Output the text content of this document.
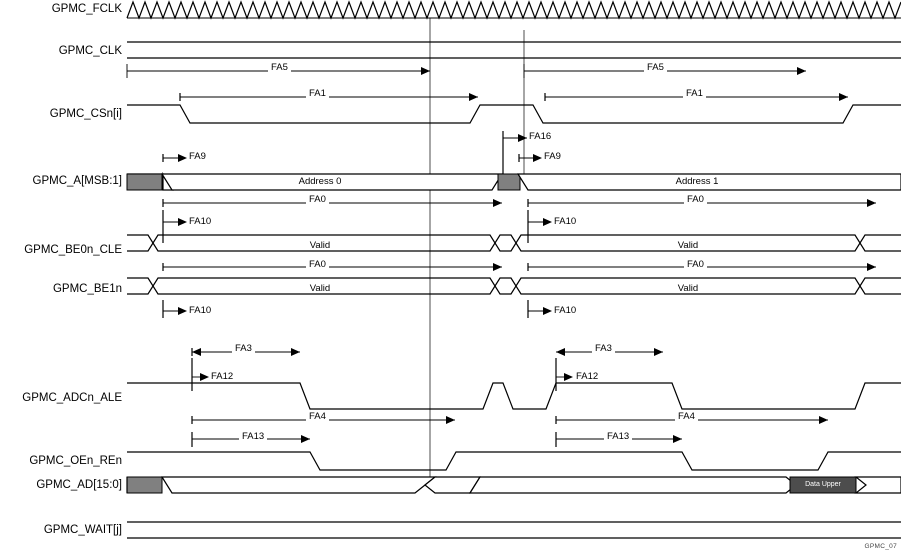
GPMC_FCLK
GPMC_CLK
GPMC_CSn[i]
GPMC_A[MSB:1]
GPMC_BE0n_CLE
GPMC_BE1n
GPMC_ADCn_ALE
GPMC_OEn_REn
GPMC_AD[15:0]
GPMC_WAIT[j]
FA5	FA5
FA1	FA1
FA16
FA9	FA9
FA0	FA0
FA10	FA10
FA0	FA0
FA10	FA10
FA3	FA3
FA12	FA12
FA4	FA4
FA13	FA13
Address 0	Address 1
Valid	Valid
Valid	Valid
Data Upper
GPMC_07
